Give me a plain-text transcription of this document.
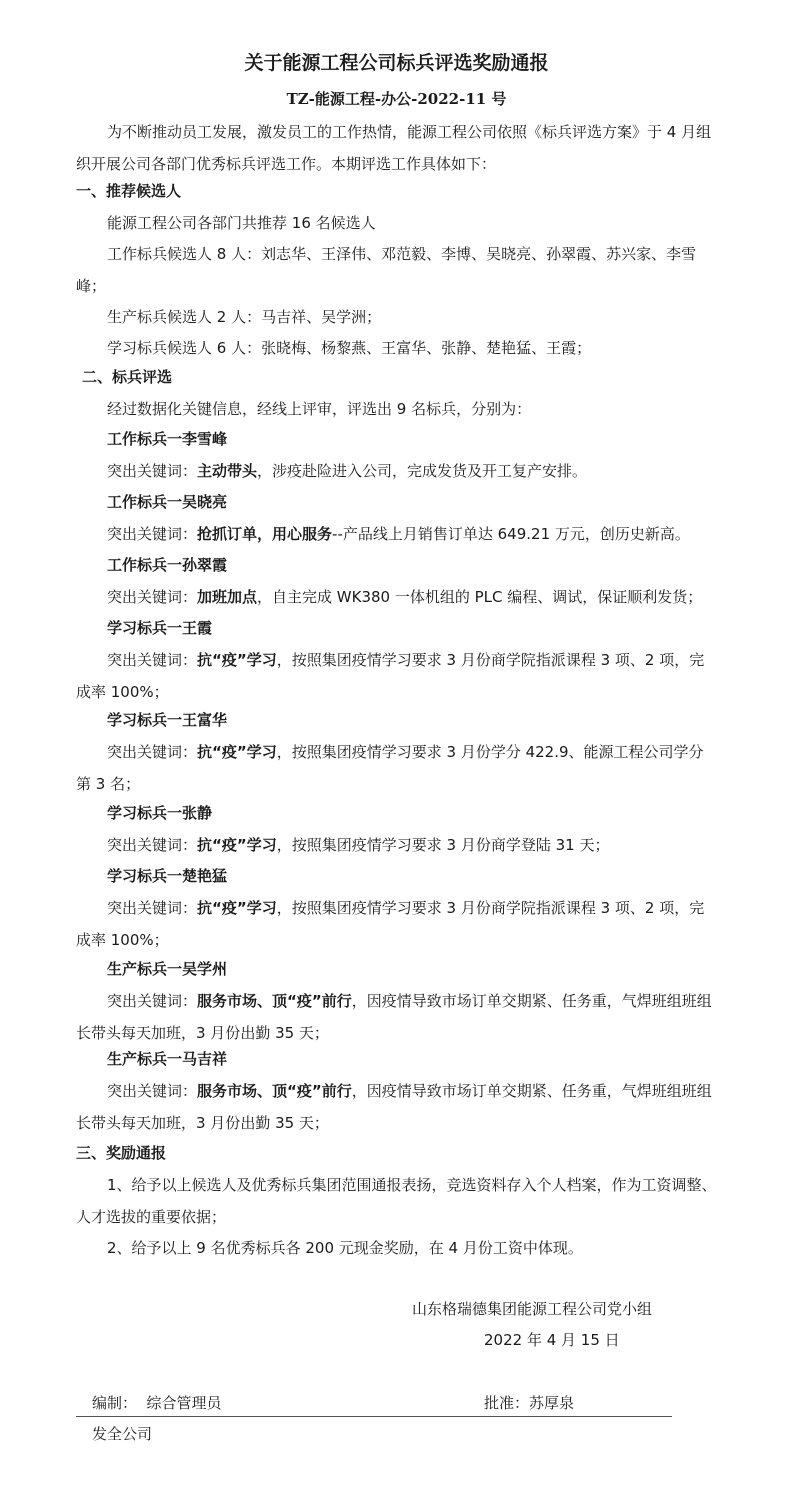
关于能源工程公司标兵评选奖励通报
TZ-能源工程-办公-2022-11 号
为不断推动员工发展，激发员工的工作热情，能源工程公司依照《标兵评选方案》于 4 月组织开展公司各部门优秀标兵评选工作。本期评选工作具体如下：
一、推荐候选人
能源工程公司各部门共推荐 16 名候选人
工作标兵候选人 8 人：刘志华、王泽伟、邓范毅、李博、吴晓亮、孙翠霞、苏兴家、李雪峰；
生产标兵候选人 2 人：马吉祥、吴学洲；
学习标兵候选人 6 人：张晓梅、杨黎燕、王富华、张静、楚艳猛、王霞；
二、标兵评选
经过数据化关键信息，经线上评审，评选出 9 名标兵，分别为：
工作标兵一李雪峰
突出关键词：主动带头，涉疫赴险进入公司，完成发货及开工复产安排。
工作标兵一吴晓亮
突出关键词：抢抓订单，用心服务--产品线上月销售订单达 649.21 万元，创历史新高。
工作标兵一孙翠霞
突出关键词：加班加点，自主完成 WK380 一体机组的 PLC 编程、调试，保证顺利发货；
学习标兵一王霞
突出关键词：抗“疫”学习，按照集团疫情学习要求 3 月份商学院指派课程 3 项、2 项，完成率 100%；
学习标兵一王富华
突出关键词：抗“疫”学习，按照集团疫情学习要求 3 月份学分 422.9、能源工程公司学分第 3 名；
学习标兵一张静
突出关键词：抗“疫”学习，按照集团疫情学习要求 3 月份商学登陆 31 天；
学习标兵一楚艳猛
突出关键词：抗“疫”学习，按照集团疫情学习要求 3 月份商学院指派课程 3 项、2 项，完成率 100%；
生产标兵一吴学州
突出关键词：服务市场、顶“疫”前行，因疫情导致市场订单交期紧、任务重，气焊班组班组长带头每天加班，3 月份出勤 35 天；
生产标兵一马吉祥
突出关键词：服务市场、顶“疫”前行，因疫情导致市场订单交期紧、任务重，气焊班组班组长带头每天加班，3 月份出勤 35 天；
三、奖励通报
1、给予以上候选人及优秀标兵集团范围通报表扬，竞选资料存入个人档案，作为工资调整、人才选拔的重要依据；
2、给予以上 9 名优秀标兵各 200 元现金奖励，在 4 月份工资中体现。
山东格瑞德集团能源工程公司党小组
2022 年 4 月 15 日
编制：  综合管理员	批准：苏厚泉
发全公司
